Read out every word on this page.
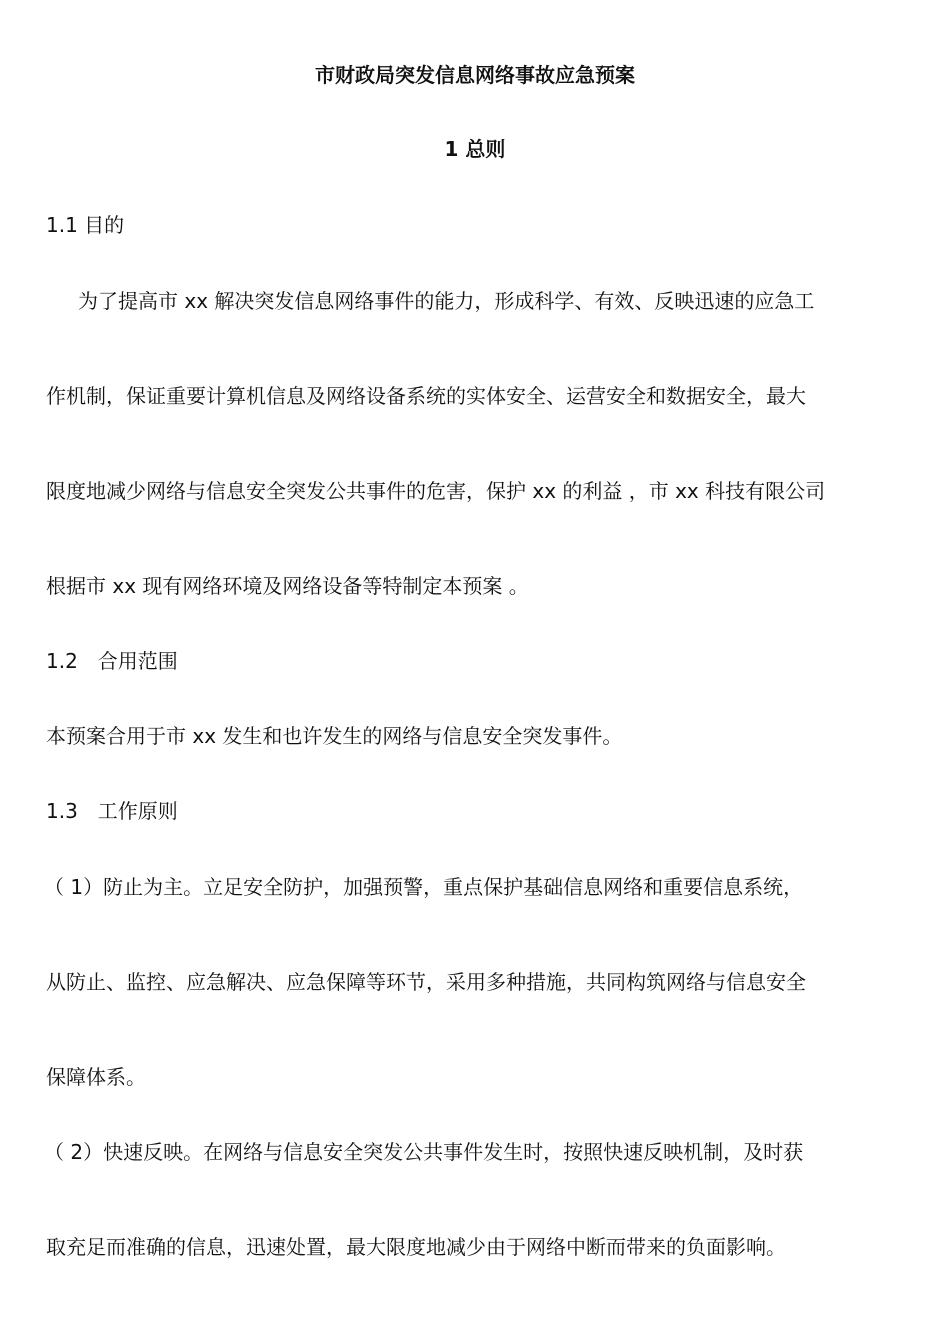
市财政局突发信息网络事故应急预案

1 总则

1.1 目的

为了提高市 xx 解决突发信息网络事件的能力，形成科学、有效、反映迅速的应急工

作机制，保证重要计算机信息及网络设备系统的实体安全、运营安全和数据安全，最大

限度地减少网络与信息安全突发公共事件的危害，保护 xx 的利益 ，市 xx 科技有限公司

根据市 xx 现有网络环境及网络设备等特制定本预案 。

1.2　合用范围

本预案合用于市 xx 发生和也许发生的网络与信息安全突发事件。

1.3　工作原则

（ 1）防止为主。立足安全防护，加强预警，重点保护基础信息网络和重要信息系统，

从防止、监控、应急解决、应急保障等环节，采用多种措施，共同构筑网络与信息安全

保障体系。

（ 2）快速反映。在网络与信息安全突发公共事件发生时，按照快速反映机制，及时获

取充足而准确的信息，迅速处置，最大限度地减少由于网络中断而带来的负面影响。
